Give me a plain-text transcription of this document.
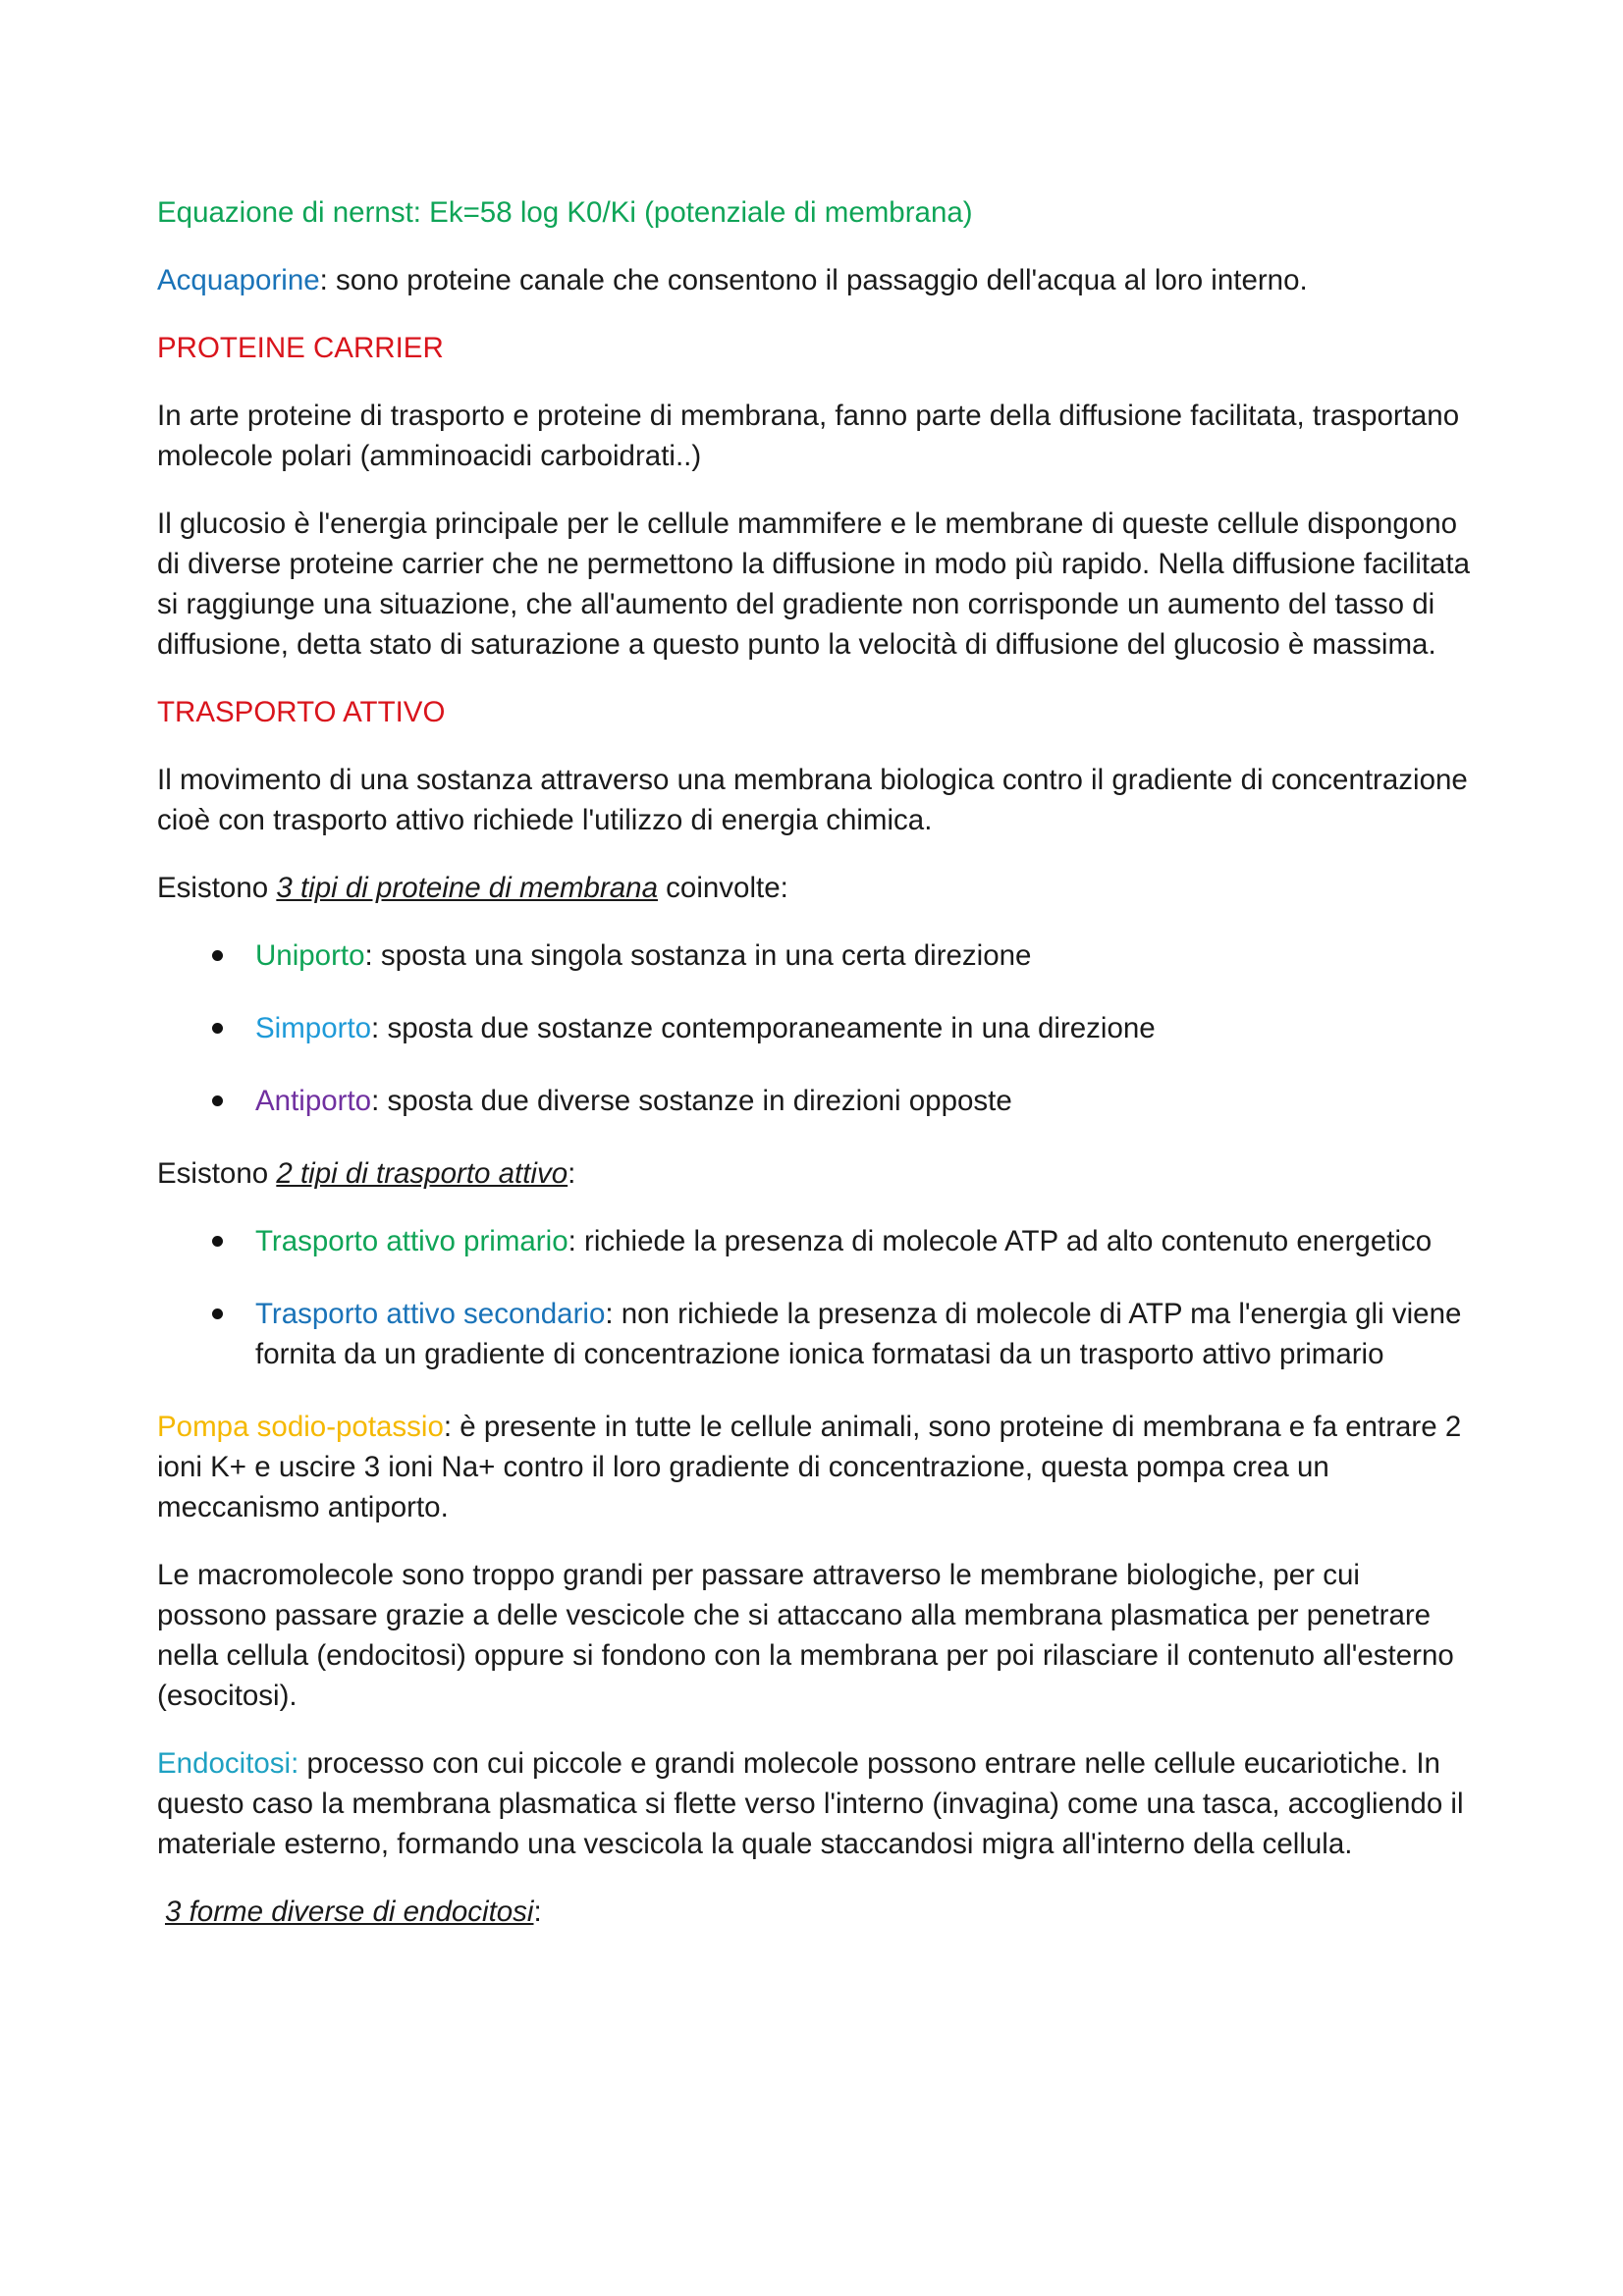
Equazione di nernst: Ek=58 log K0/Ki (potenziale di membrana)

Acquaporine: sono proteine canale che consentono il passaggio dell'acqua al loro interno.

PROTEINE CARRIER

In arte proteine di trasporto e proteine di membrana, fanno parte della diffusione facilitata, trasportano molecole polari (amminoacidi carboidrati..)

Il glucosio è l'energia principale per le cellule mammifere e le membrane di queste cellule dispongono di diverse proteine carrier che ne permettono la diffusione in modo più rapido. Nella diffusione facilitata si raggiunge una situazione, che all'aumento del gradiente non corrisponde un aumento del tasso di diffusione, detta stato di saturazione a questo punto la velocità di diffusione del glucosio è massima.

TRASPORTO ATTIVO

Il movimento di una sostanza attraverso una membrana biologica contro il gradiente di concentrazione cioè con trasporto attivo richiede l'utilizzo di energia chimica.

Esistono 3 tipi di proteine di membrana coinvolte:

Uniporto: sposta una singola sostanza in una certa direzione
Simporto: sposta due sostanze contemporaneamente in una direzione
Antiporto: sposta due diverse sostanze in direzioni opposte

Esistono 2 tipi di trasporto attivo:

Trasporto attivo primario: richiede la presenza di molecole ATP ad alto contenuto energetico
Trasporto attivo secondario: non richiede la presenza di molecole di ATP ma l'energia gli viene fornita da un gradiente di concentrazione ionica formatasi da un trasporto attivo primario

Pompa sodio-potassio: è presente in tutte le cellule animali, sono proteine di membrana e fa entrare 2 ioni K+ e uscire 3 ioni Na+ contro il loro gradiente di concentrazione, questa pompa crea un meccanismo antiporto.

Le macromolecole sono troppo grandi per passare attraverso le membrane biologiche, per cui possono passare grazie a delle vescicole che si attaccano alla membrana plasmatica per penetrare nella cellula (endocitosi) oppure si fondono con la membrana per poi rilasciare il contenuto all'esterno (esocitosi).

Endocitosi: processo con cui piccole e grandi molecole possono entrare nelle cellule eucariotiche. In questo caso la membrana plasmatica si flette verso l'interno (invagina) come una tasca, accogliendo il materiale esterno, formando una vescicola la quale staccandosi migra all'interno della cellula.

3 forme diverse di endocitosi:
